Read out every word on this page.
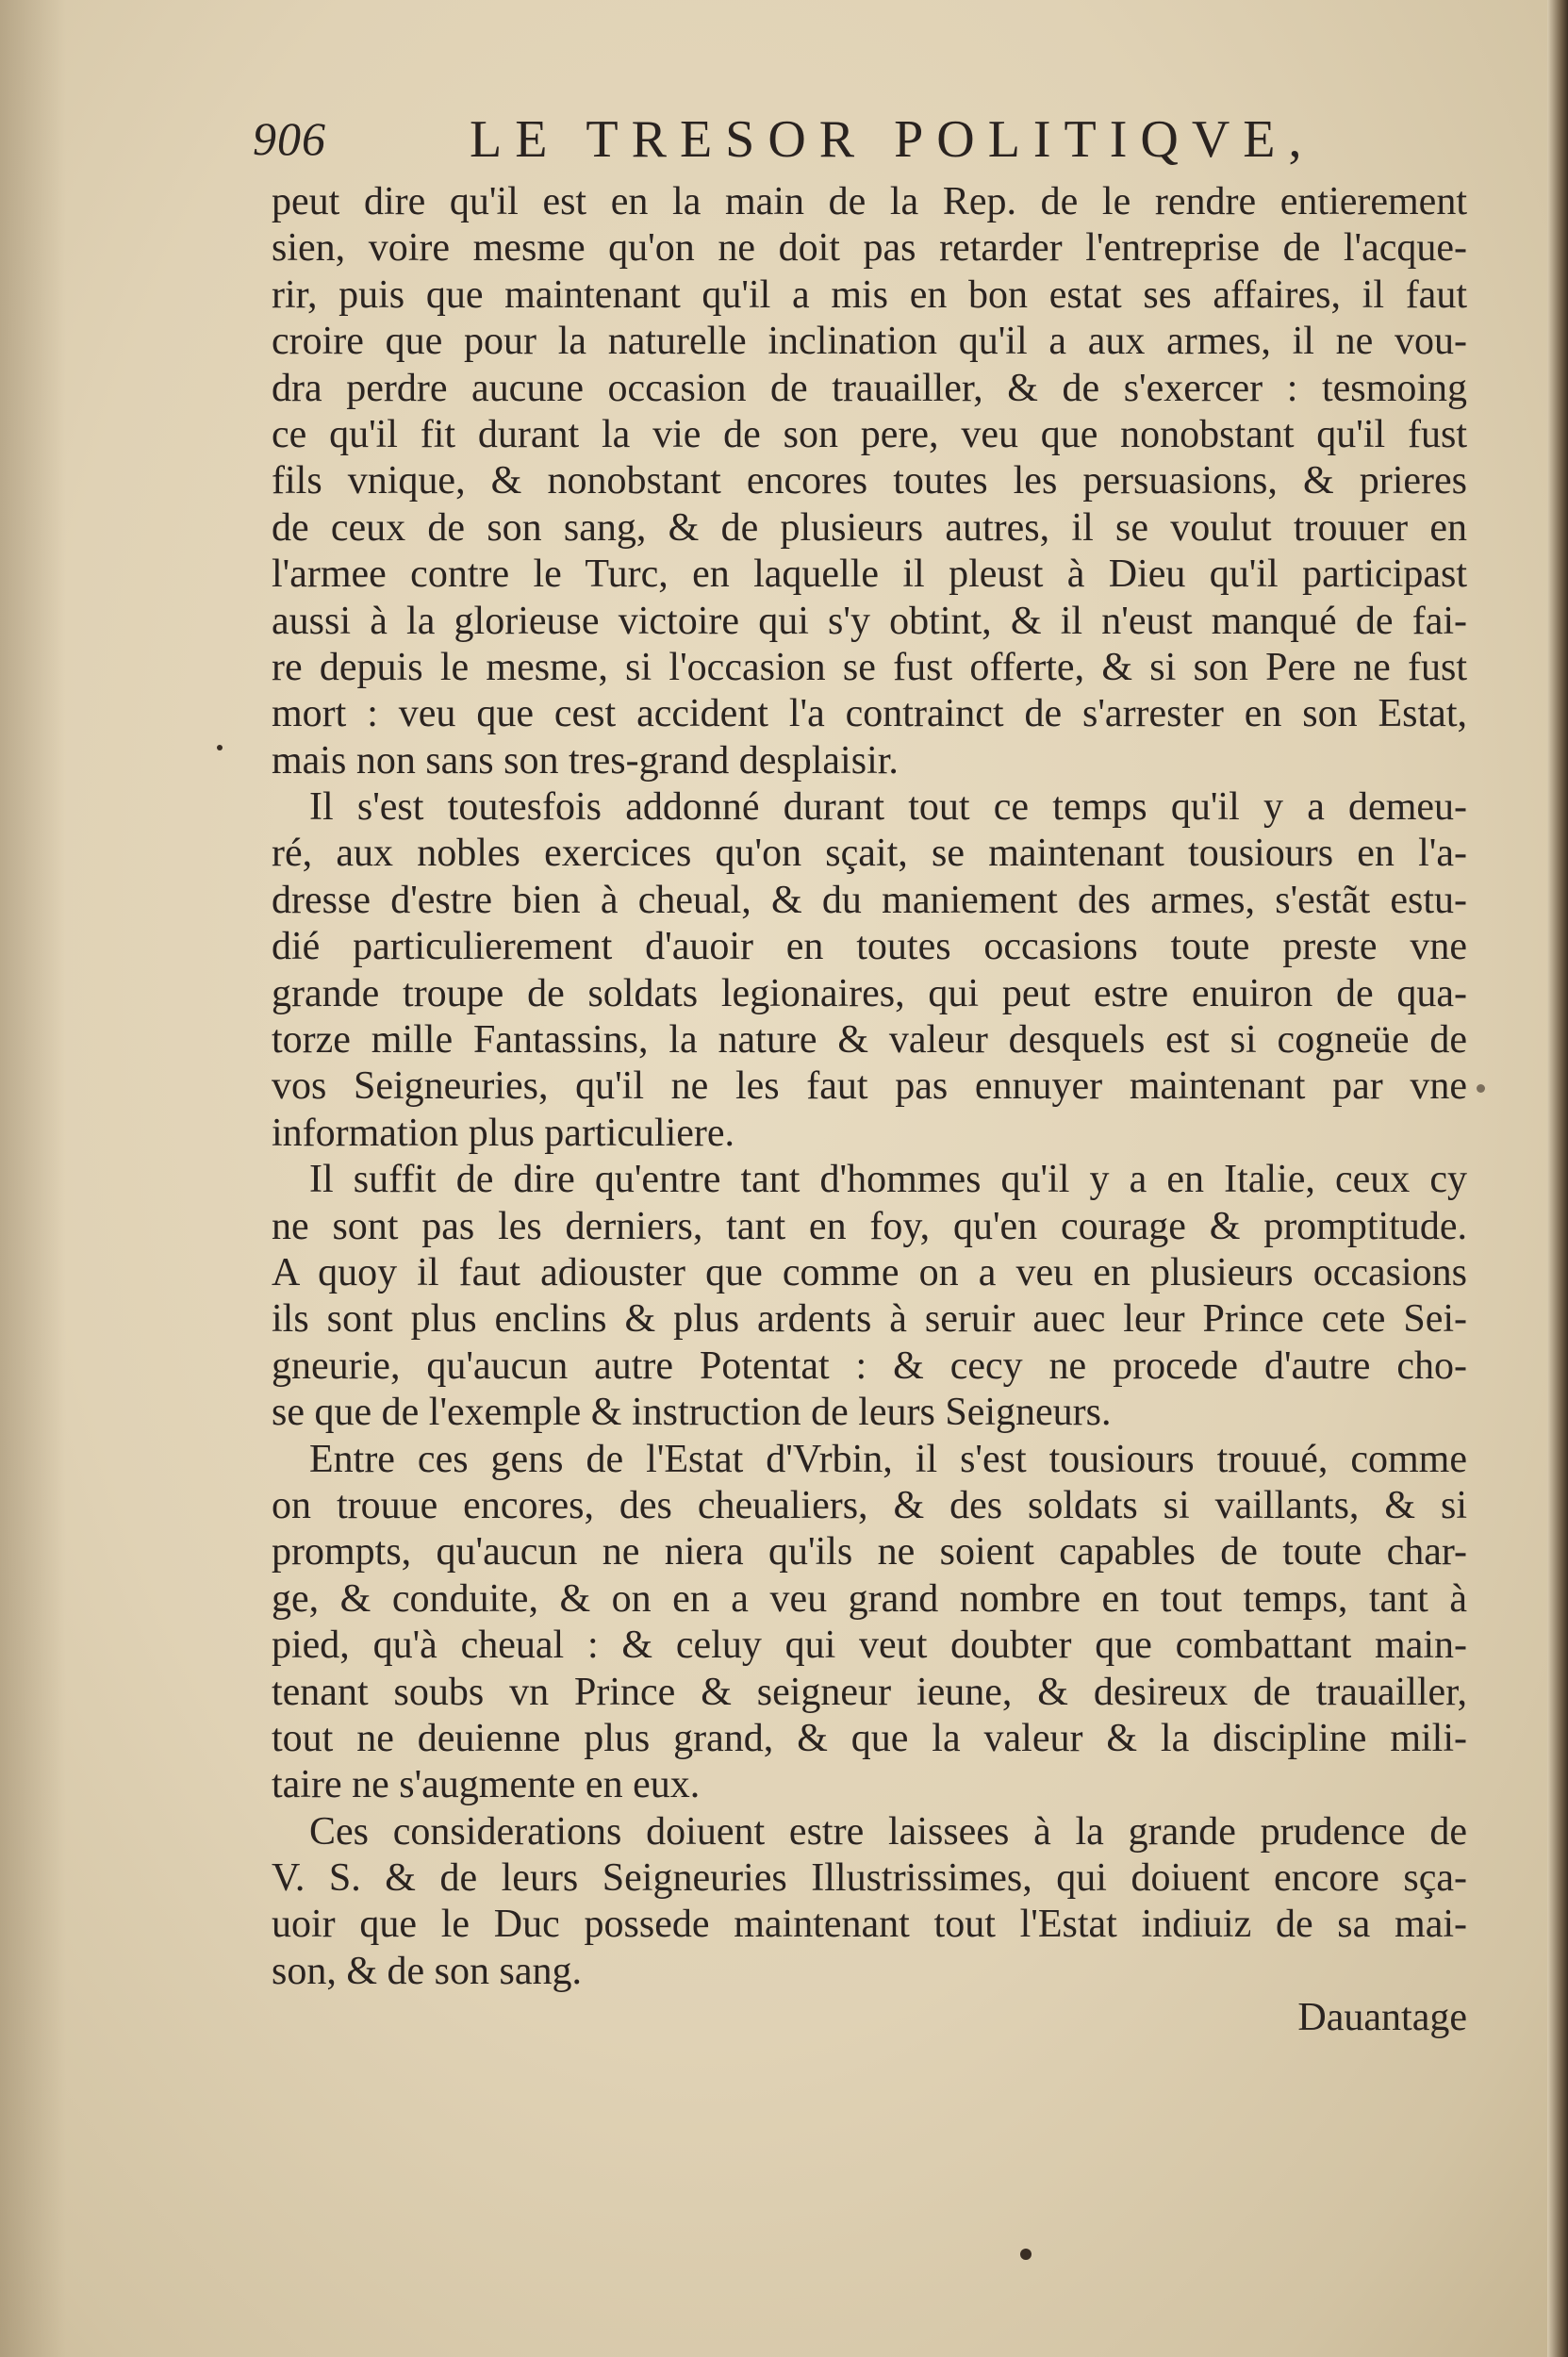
906	LE TRESOR POLITIQVE,
peut dire qu'il est en la main de la Rep. de le rendre entierement
sien, voire mesme qu'on ne doit pas retarder l'entreprise de l'acque-
rir, puis que maintenant qu'il a mis en bon estat ses affaires, il faut
croire que pour la naturelle inclination qu'il a aux armes, il ne vou-
dra perdre aucune occasion de trauailler, & de s'exercer : tesmoing
ce qu'il fit durant la vie de son pere, veu que nonobstant qu'il fust
fils vnique, & nonobstant encores toutes les persuasions, & prieres
de ceux de son sang, & de plusieurs autres, il se voulut trouuer en
l'armee contre le Turc, en laquelle il pleust à Dieu qu'il participast
aussi à la glorieuse victoire qui s'y obtint, & il n'eust manqué de fai-
re depuis le mesme, si l'occasion se fust offerte, & si son Pere ne fust
mort : veu que cest accident l'a contrainct de s'arrester en son Estat,
mais non sans son tres-grand desplaisir.
Il s'est toutesfois addonné durant tout ce temps qu'il y a demeu-
ré, aux nobles exercices qu'on sçait, se maintenant tousiours en l'a-
dresse d'estre bien à cheual, & du maniement des armes, s'estãt estu-
dié particulierement d'auoir en toutes occasions toute preste vne
grande troupe de soldats legionaires, qui peut estre enuiron de qua-
torze mille Fantassins, la nature & valeur desquels est si cogneüe de
vos Seigneuries, qu'il ne les faut pas ennuyer maintenant par vne
information plus particuliere.
Il suffit de dire qu'entre tant d'hommes qu'il y a en Italie, ceux cy
ne sont pas les derniers, tant en foy, qu'en courage & promptitude.
A quoy il faut adiouster que comme on a veu en plusieurs occasions
ils sont plus enclins & plus ardents à seruir auec leur Prince cete Sei-
gneurie, qu'aucun autre Potentat : & cecy ne procede d'autre cho-
se que de l'exemple & instruction de leurs Seigneurs.
Entre ces gens de l'Estat d'Vrbin, il s'est tousiours trouué, comme
on trouue encores, des cheualiers, & des soldats si vaillants, & si
prompts, qu'aucun ne niera qu'ils ne soient capables de toute char-
ge, & conduite, & on en a veu grand nombre en tout temps, tant à
pied, qu'à cheual : & celuy qui veut doubter que combattant main-
tenant soubs vn Prince & seigneur ieune, & desireux de trauailler,
tout ne deuienne plus grand, & que la valeur & la discipline mili-
taire ne s'augmente en eux.
Ces considerations doiuent estre laissees à la grande prudence de
V. S. & de leurs Seigneuries Illustrissimes, qui doiuent encore sça-
uoir que le Duc possede maintenant tout l'Estat indiuiz de sa mai-
son, & de son sang.
Dauantage
